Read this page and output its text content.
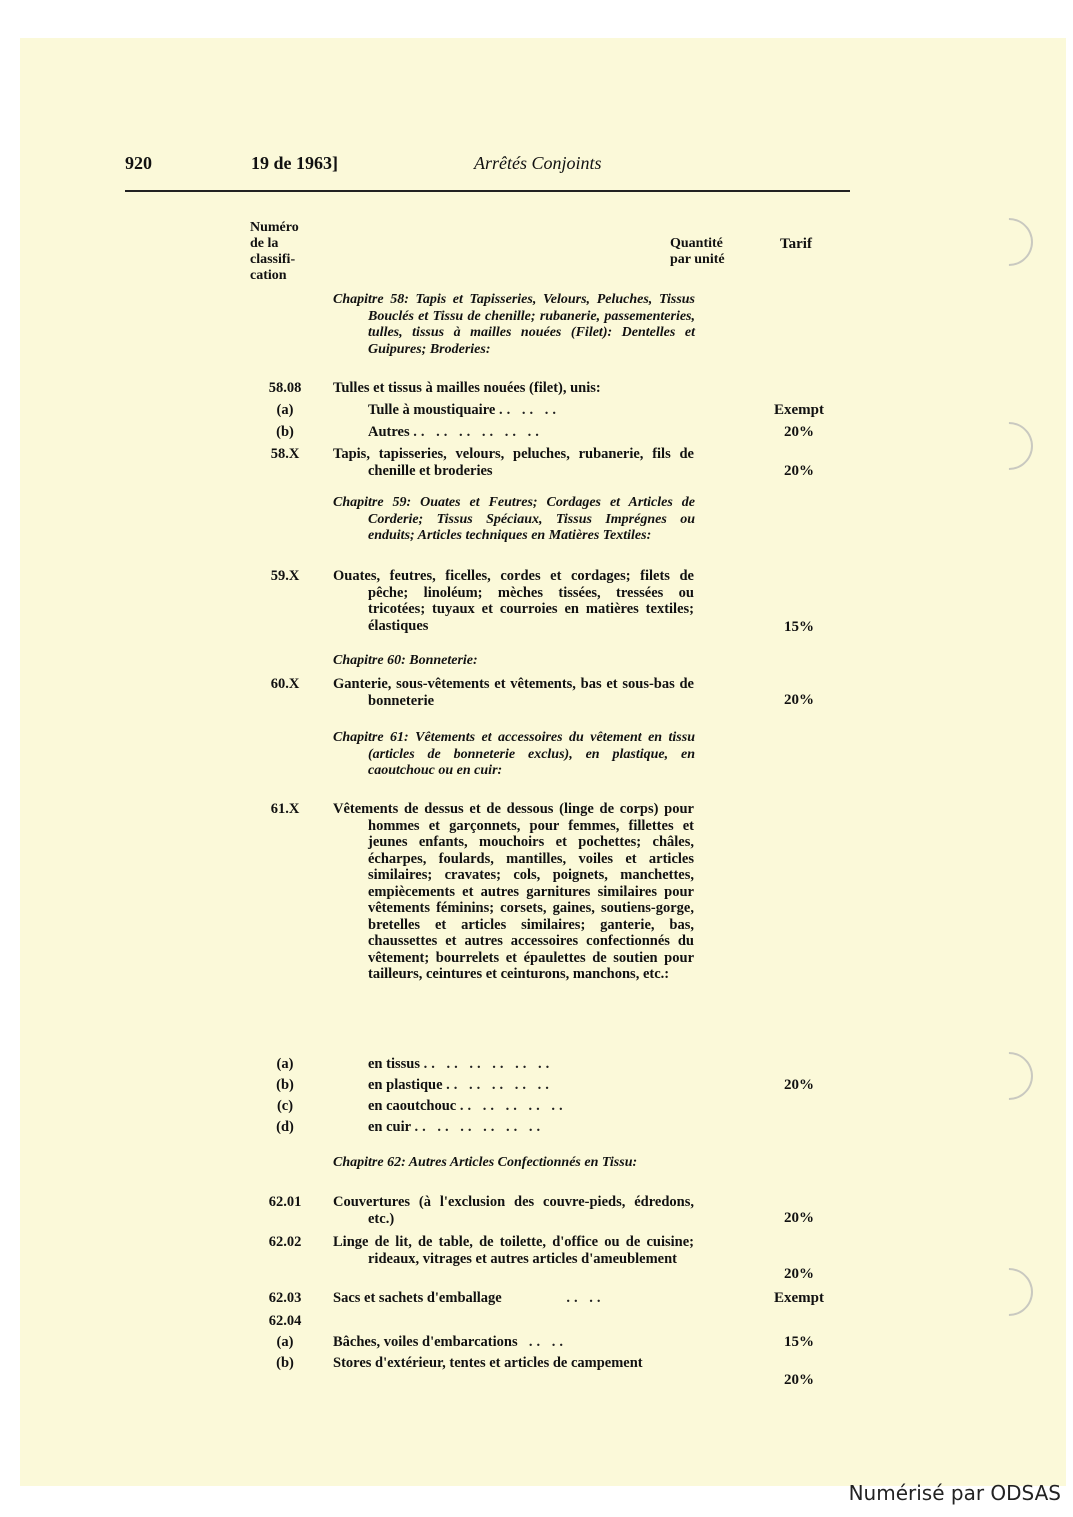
920	19 de 1963]	Arrêtés Conjoints
Numéro
de la
classifi-
cation
Quantité
par unité
Tarif
Chapitre 58: Tapis et Tapisseries, Velours, Peluches, Tissus Bouclés et Tissu de chenille; rubanerie, passementeries, tulles, tissus à mailles nouées (Filet): Dentelles et Guipures; Broderies:
58.08	Tulles et tissus à mailles nouées (filet), unis:
(a)	Tulle à moustiquaire .. .. ..	Exempt
(b)	Autres .. .. .. .. .. ..	20%
58.X	Tapis, tapisseries, velours, peluches, rubanerie, fils de chenille et broderies	20%
Chapitre 59: Ouates et Feutres; Cordages et Articles de Corderie; Tissus Spéciaux, Tissus Imprégnes ou enduits; Articles techniques en Matières Textiles:
59.X	Ouates, feutres, ficelles, cordes et cordages; filets de pêche; linoléum; mèches tissées, tressées ou tricotées; tuyaux et courroies en matières textiles; élastiques	15%
Chapitre 60: Bonneterie:
60.X	Ganterie, sous-vêtements et vêtements, bas et sous-bas de bonneterie	20%
Chapitre 61: Vêtements et accessoires du vêtement en tissu (articles de bonneterie exclus), en plastique, en caoutchouc ou en cuir:
61.X	Vêtements de dessus et de dessous (linge de corps) pour hommes et garçonnets, pour femmes, fillettes et jeunes enfants, mouchoirs et pochettes; châles, écharpes, foulards, mantilles, voiles et articles similaires; cravates; cols, poignets, manchettes, empiècements et autres garnitures similaires pour vêtements féminins; corsets, gaines, soutiens-gorge, bretelles et articles similaires; ganterie, bas, chaussettes et autres accessoires confectionnés du vêtement; bourrelets et épaulettes de soutien pour tailleurs, ceintures et ceinturons, manchons, etc.:
(a)	en tissus .. .. .. .. .. ..
(b)	en plastique .. .. .. .. ..	20%
(c)	en caoutchouc .. .. .. .. ..
(d)	en cuir .. .. .. .. .. ..
Chapitre 62: Autres Articles Confectionnés en Tissu:
62.01	Couvertures (à l'exclusion des couvre-pieds, édredons, etc.)	20%
62.02	Linge de lit, de table, de toilette, d'office ou de cuisine; rideaux, vitrages et autres articles d'ameublement
20%
62.03	Sacs et sachets d'emballage         .. ..	Exempt
62.04
(a)	Bâches, voiles d'embarcations  .. ..	15%
(b)	Stores d'extérieur, tentes et articles de campement
20%
Numérisé par ODSAS
